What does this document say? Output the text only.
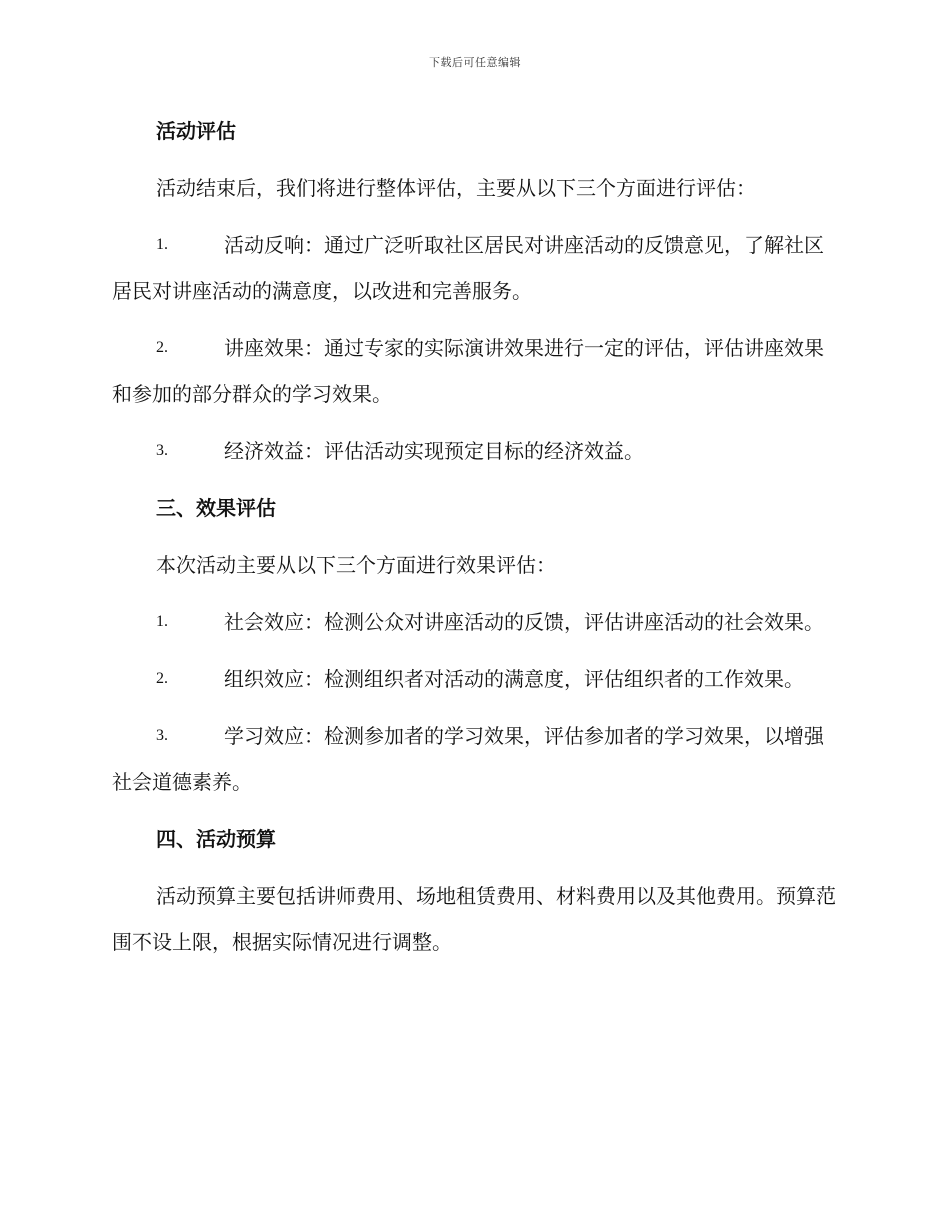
下载后可任意编辑
活动评估
活动结束后，我们将进行整体评估，主要从以下三个方面进行评估：
1.	活动反响：通过广泛听取社区居民对讲座活动的反馈意见，了解社区居民对讲座活动的满意度，以改进和完善服务。
2.	讲座效果：通过专家的实际演讲效果进行一定的评估，评估讲座效果和参加的部分群众的学习效果。
3.	经济效益：评估活动实现预定目标的经济效益。
三、效果评估
本次活动主要从以下三个方面进行效果评估：
1.	社会效应：检测公众对讲座活动的反馈，评估讲座活动的社会效果。
2.	组织效应：检测组织者对活动的满意度，评估组织者的工作效果。
3.	学习效应：检测参加者的学习效果，评估参加者的学习效果，以增强社会道德素养。
四、活动预算
活动预算主要包括讲师费用、场地租赁费用、材料费用以及其他费用。预算范围不设上限，根据实际情况进行调整。
